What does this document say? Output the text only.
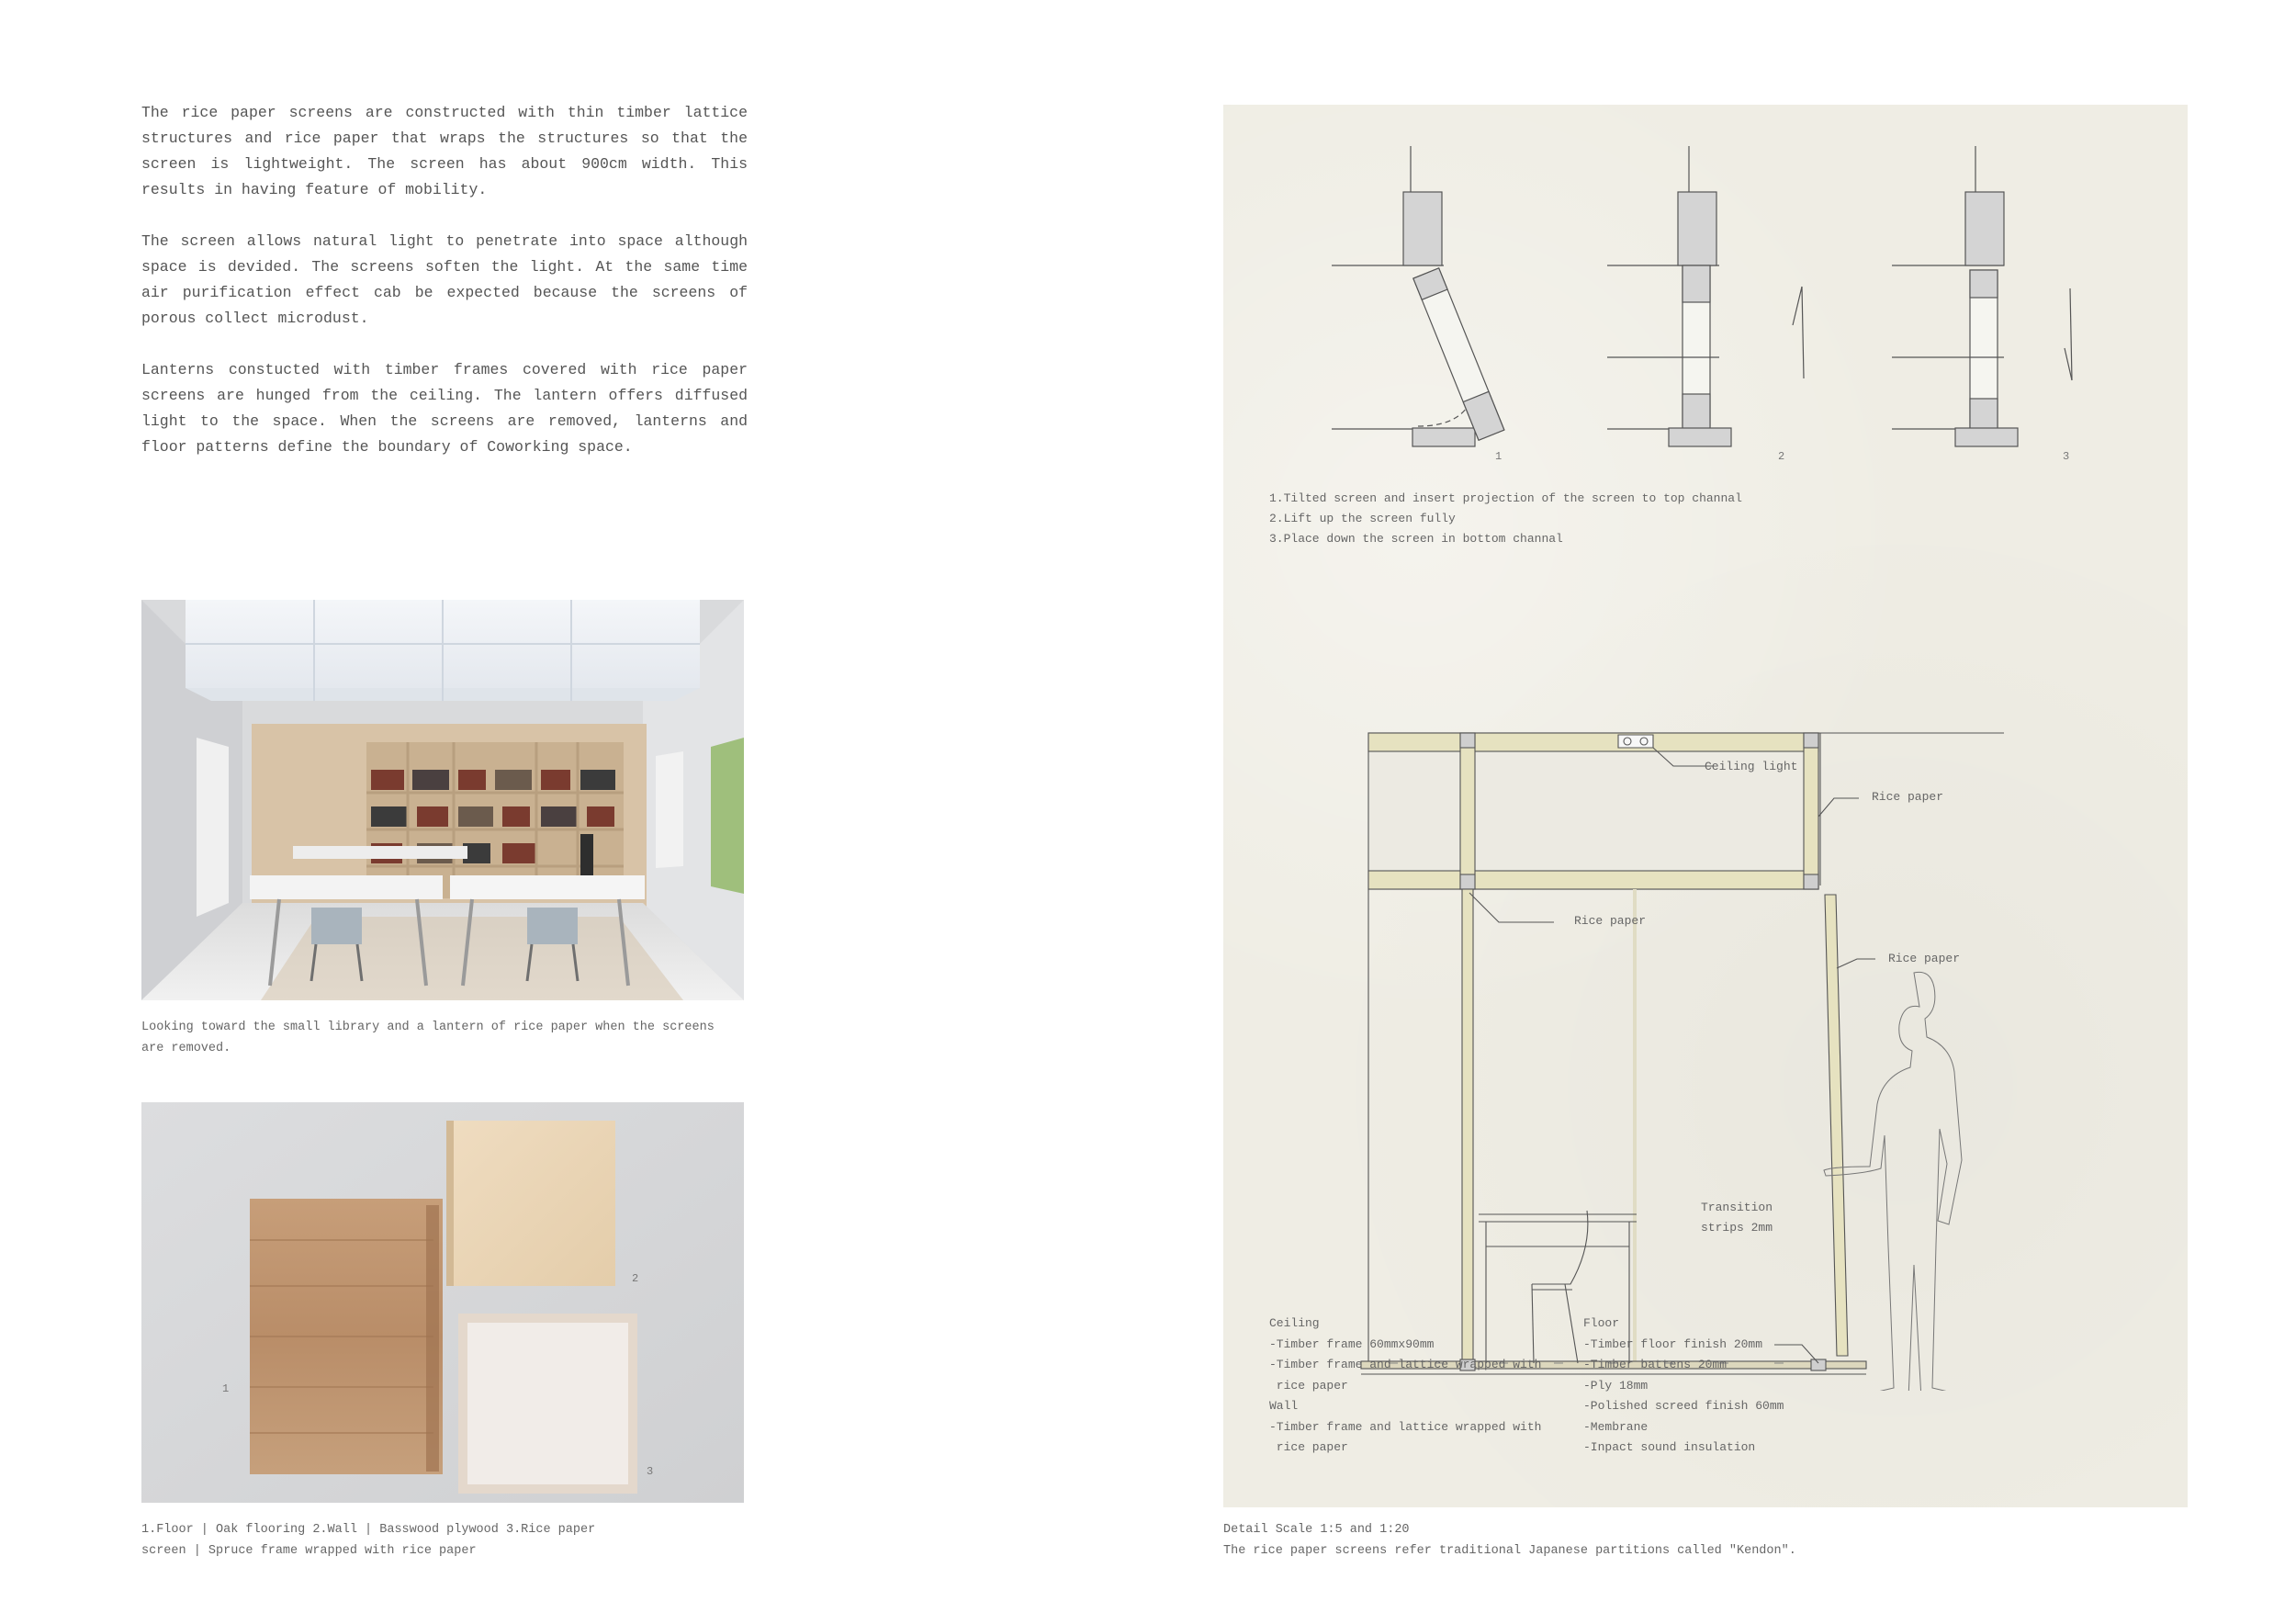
The rice paper screens are constructed with thin timber lattice structures and rice paper that wraps the structures so that the screen is lightweight. The screen has about 900cm width. This results in having feature of mobility.

The screen allows natural light to penetrate into space although space is devided. The screens soften the light. At the same time air purification effect cab be expected because the screens of porous collect microdust.

Lanterns constucted with timber frames covered with rice paper screens are hunged from the ceiling. The lantern offers diffused light to the space. When the screens are removed, lanterns and floor patterns define the boundary of Coworking space.

Looking toward the small library and a lantern of rice paper when the screens are removed.

1
2
3

1.Floor | Oak flooring 2.Wall | Basswood plywood 3.Rice paper screen | Spruce frame wrapped with rice paper

1	2	3
1.Tilted screen and insert projection of the screen to top channal
2.Lift up the screen fully
3.Place down the screen in bottom channal
Ceiling light
Rice paper
Rice paper
Rice paper
Transition
strips 2mm
Ceiling
-Timber frame 60mmx90mm
-Timber frame and lattice wrapped with
rice paper
Wall
-Timber frame and lattice wrapped with
rice paper
Floor
-Timber floor finish 20mm
-Timber battens 20mm
-Ply 18mm
-Polished screed finish 60mm
-Membrane
-Inpact sound insulation

Detail Scale 1:5 and 1:20

The rice paper screens refer traditional Japanese partitions called "Kendon".
